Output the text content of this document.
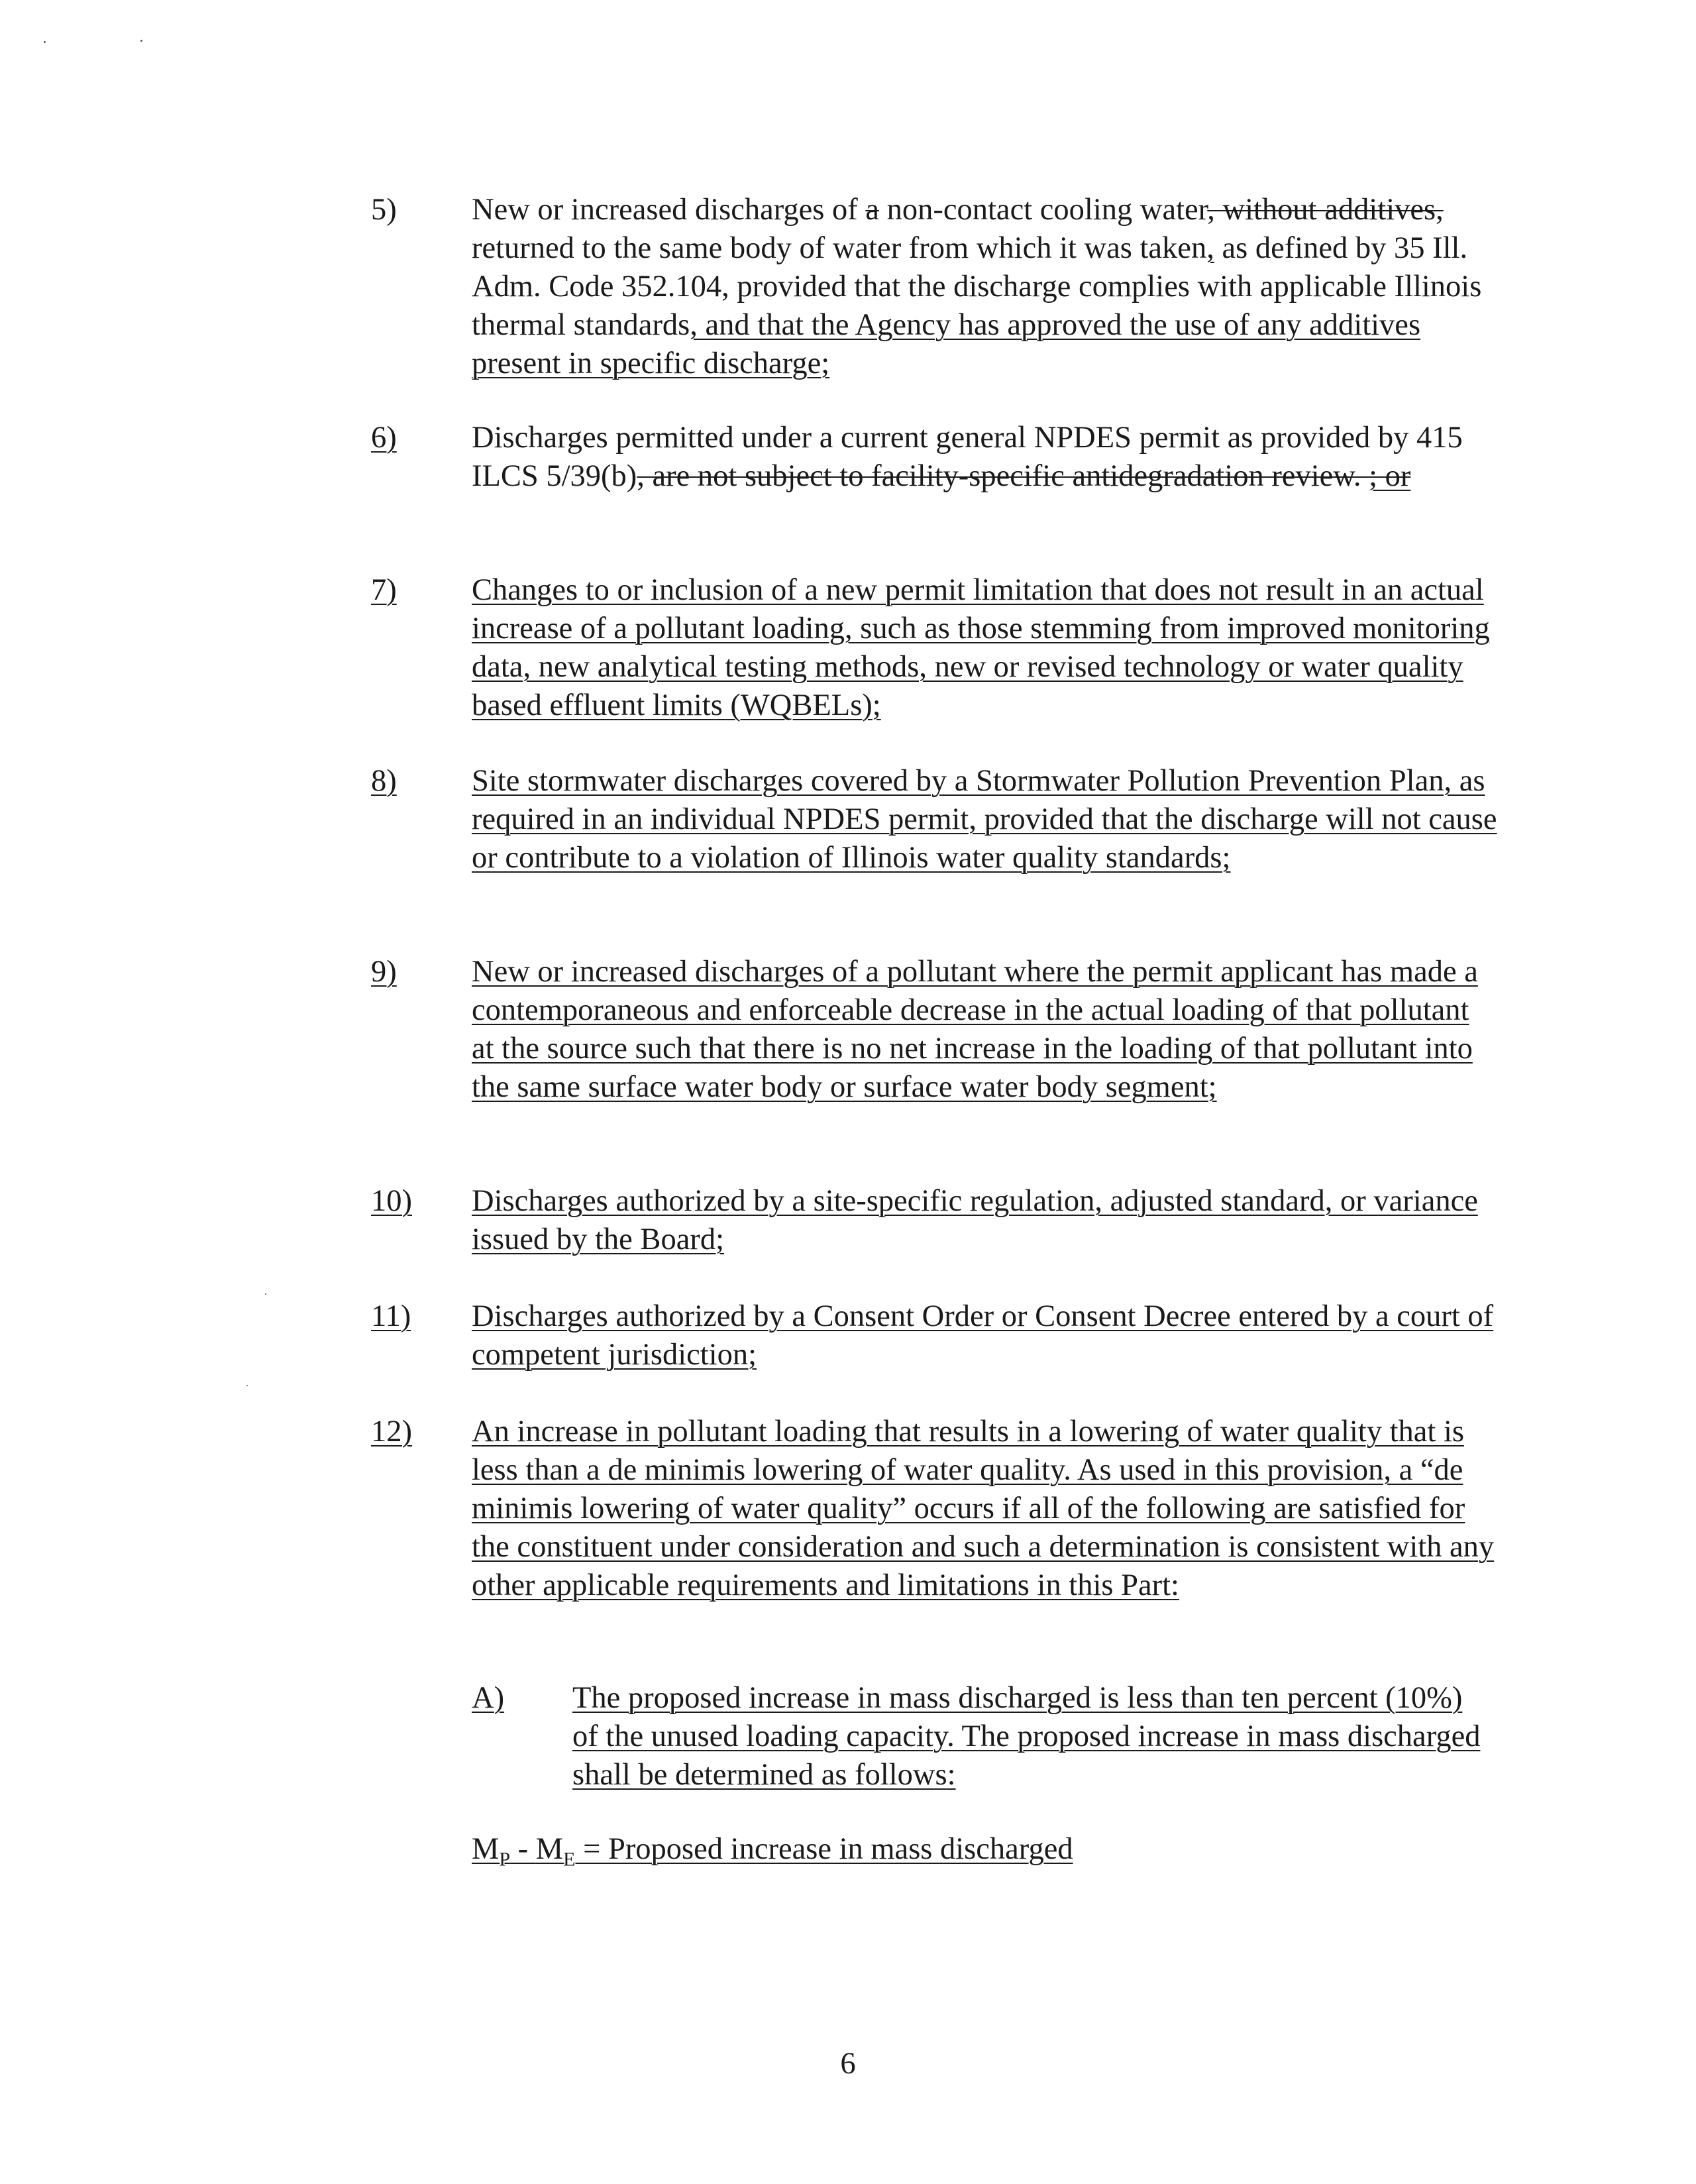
5)	New or increased discharges of a non-contact cooling water, without additives, returned to the same body of water from which it was taken, as defined by 35 Ill. Adm. Code 352.104, provided that the discharge complies with applicable Illinois thermal standards, and that the Agency has approved the use of any additives present in specific discharge;
6)	Discharges permitted under a current general NPDES permit as provided by 415 ILCS 5/39(b), are not subject to facility-specific antidegradation review. ; or
7)	Changes to or inclusion of a new permit limitation that does not result in an actual increase of a pollutant loading, such as those stemming from improved monitoring data, new analytical testing methods, new or revised technology or water quality based effluent limits (WQBELs);
8)	Site stormwater discharges covered by a Stormwater Pollution Prevention Plan, as required in an individual NPDES permit, provided that the discharge will not cause or contribute to a violation of Illinois water quality standards;
9)	New or increased discharges of a pollutant where the permit applicant has made a contemporaneous and enforceable decrease in the actual loading of that pollutant at the source such that there is no net increase in the loading of that pollutant into the same surface water body or surface water body segment;
10)	Discharges authorized by a site-specific regulation, adjusted standard, or variance issued by the Board;
11)	Discharges authorized by a Consent Order or Consent Decree entered by a court of competent jurisdiction;
12)	An increase in pollutant loading that results in a lowering of water quality that is less than a de minimis lowering of water quality. As used in this provision, a “de minimis lowering of water quality” occurs if all of the following are satisfied for the constituent under consideration and such a determination is consistent with any other applicable requirements and limitations in this Part:
A)	The proposed increase in mass discharged is less than ten percent (10%) of the unused loading capacity. The proposed increase in mass discharged shall be determined as follows:
$M_P - M_E$ = Proposed increase in mass discharged
6
